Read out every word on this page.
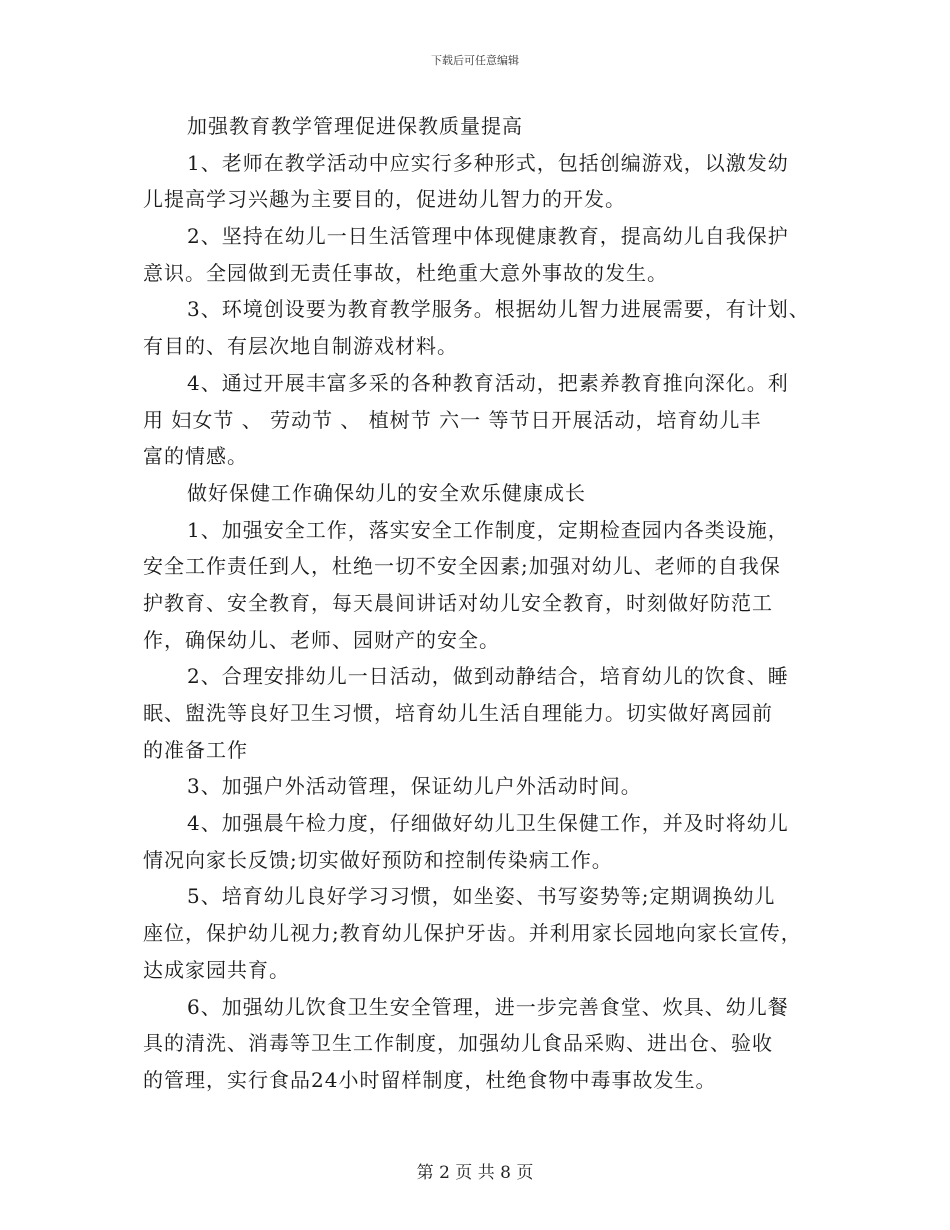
下载后可任意编辑
加强教育教学管理促进保教质量提高
1、老师在教学活动中应实行多种形式，包括创编游戏，以激发幼
儿提高学习兴趣为主要目的，促进幼儿智力的开发。
2、坚持在幼儿一日生活管理中体现健康教育，提高幼儿自我保护
意识。全园做到无责任事故，杜绝重大意外事故的发生。
3、环境创设要为教育教学服务。根据幼儿智力进展需要，有计划、
有目的、有层次地自制游戏材料。
4、通过开展丰富多采的各种教育活动，把素养教育推向深化。利
用 妇女节 、 劳动节 、 植树节 六一 等节日开展活动，培育幼儿丰
富的情感。
做好保健工作确保幼儿的安全欢乐健康成长
1、加强安全工作，落实安全工作制度，定期检查园内各类设施，
安全工作责任到人，杜绝一切不安全因素;加强对幼儿、老师的自我保
护教育、安全教育，每天晨间讲话对幼儿安全教育，时刻做好防范工
作，确保幼儿、老师、园财产的安全。
2、合理安排幼儿一日活动，做到动静结合，培育幼儿的饮食、睡
眠、盥洗等良好卫生习惯，培育幼儿生活自理能力。切实做好离园前
的准备工作
3、加强户外活动管理，保证幼儿户外活动时间。
4、加强晨午检力度，仔细做好幼儿卫生保健工作，并及时将幼儿
情况向家长反馈;切实做好预防和控制传染病工作。
5、培育幼儿良好学习习惯，如坐姿、书写姿势等;定期调换幼儿
座位，保护幼儿视力;教育幼儿保护牙齿。并利用家长园地向家长宣传，
达成家园共育。
6、加强幼儿饮食卫生安全管理，进一步完善食堂、炊具、幼儿餐
具的清洗、消毒等卫生工作制度，加强幼儿食品采购、进出仓、验收
的管理，实行食品24小时留样制度，杜绝食物中毒事故发生。
第 2 页 共 8 页
